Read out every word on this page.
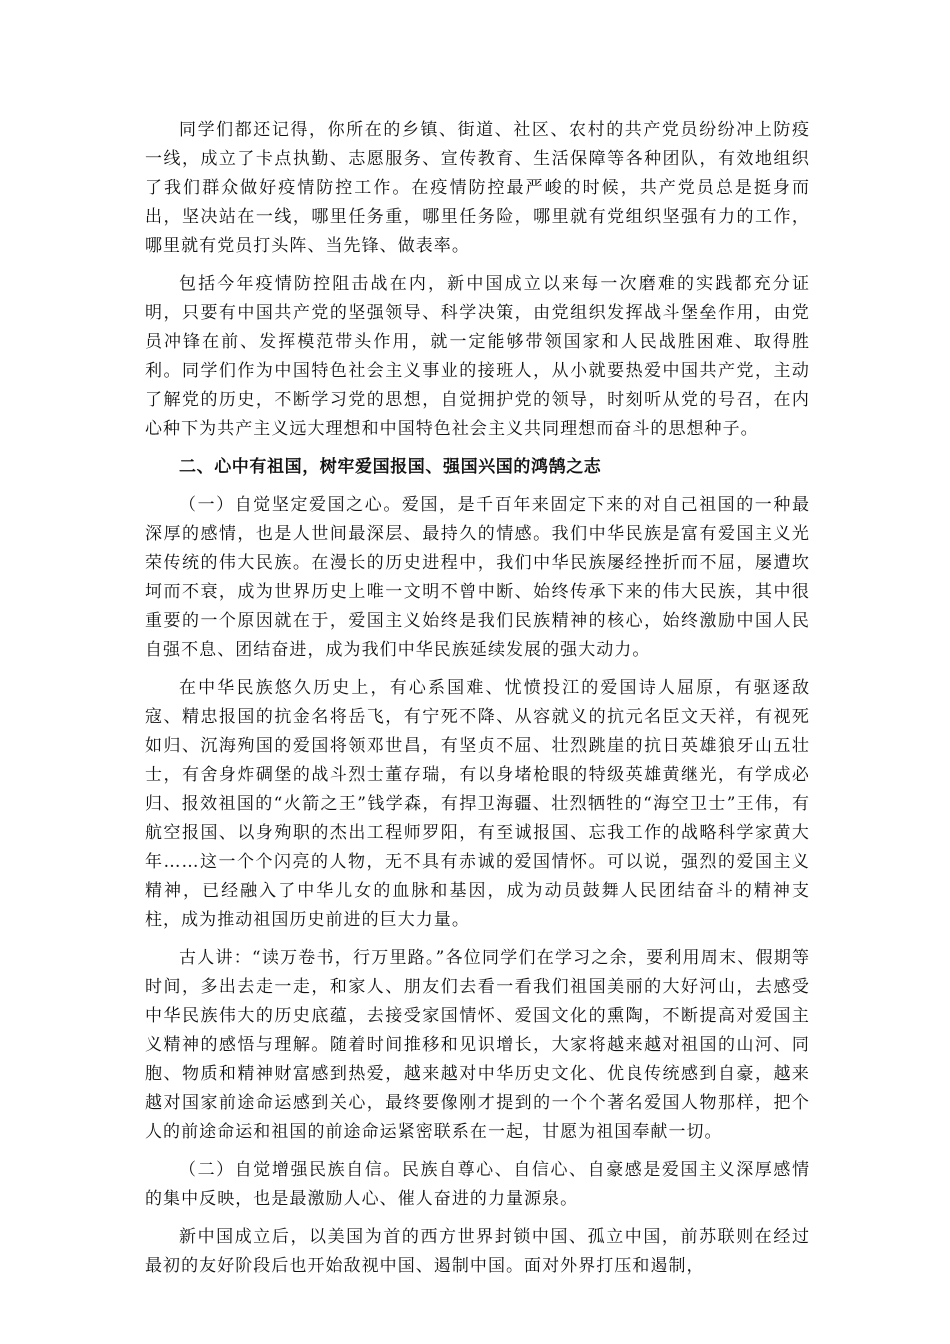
同学们都还记得，你所在的乡镇、街道、社区、农村的共产党员纷纷冲上防疫一线，成立了卡点执勤、志愿服务、宣传教育、生活保障等各种团队，有效地组织了我们群众做好疫情防控工作。在疫情防控最严峻的时候，共产党员总是挺身而出，坚决站在一线，哪里任务重，哪里任务险，哪里就有党组织坚强有力的工作，哪里就有党员打头阵、当先锋、做表率。

包括今年疫情防控阻击战在内，新中国成立以来每一次磨难的实践都充分证明，只要有中国共产党的坚强领导、科学决策，由党组织发挥战斗堡垒作用，由党员冲锋在前、发挥模范带头作用，就一定能够带领国家和人民战胜困难、取得胜利。同学们作为中国特色社会主义事业的接班人，从小就要热爱中国共产党，主动了解党的历史，不断学习党的思想，自觉拥护党的领导，时刻听从党的号召，在内心种下为共产主义远大理想和中国特色社会主义共同理想而奋斗的思想种子。

二、心中有祖国，树牢爱国报国、强国兴国的鸿鹄之志

（一）自觉坚定爱国之心。爱国，是千百年来固定下来的对自己祖国的一种最深厚的感情，也是人世间最深层、最持久的情感。我们中华民族是富有爱国主义光荣传统的伟大民族。在漫长的历史进程中，我们中华民族屡经挫折而不屈，屡遭坎坷而不衰，成为世界历史上唯一文明不曾中断、始终传承下来的伟大民族，其中很重要的一个原因就在于，爱国主义始终是我们民族精神的核心，始终激励中国人民自强不息、团结奋进，成为我们中华民族延续发展的强大动力。

在中华民族悠久历史上，有心系国难、忧愤投江的爱国诗人屈原，有驱逐敌寇、精忠报国的抗金名将岳飞，有宁死不降、从容就义的抗元名臣文天祥，有视死如归、沉海殉国的爱国将领邓世昌，有坚贞不屈、壮烈跳崖的抗日英雄狼牙山五壮士，有舍身炸碉堡的战斗烈士董存瑞，有以身堵枪眼的特级英雄黄继光，有学成必归、报效祖国的“火箭之王”钱学森，有捍卫海疆、壮烈牺牲的“海空卫士”王伟，有航空报国、以身殉职的杰出工程师罗阳，有至诚报国、忘我工作的战略科学家黄大年……这一个个闪亮的人物，无不具有赤诚的爱国情怀。可以说，强烈的爱国主义精神，已经融入了中华儿女的血脉和基因，成为动员鼓舞人民团结奋斗的精神支柱，成为推动祖国历史前进的巨大力量。

古人讲：“读万卷书，行万里路。”各位同学们在学习之余，要利用周末、假期等时间，多出去走一走，和家人、朋友们去看一看我们祖国美丽的大好河山，去感受中华民族伟大的历史底蕴，去接受家国情怀、爱国文化的熏陶，不断提高对爱国主义精神的感悟与理解。随着时间推移和见识增长，大家将越来越对祖国的山河、同胞、物质和精神财富感到热爱，越来越对中华历史文化、优良传统感到自豪，越来越对国家前途命运感到关心，最终要像刚才提到的一个个著名爱国人物那样，把个人的前途命运和祖国的前途命运紧密联系在一起，甘愿为祖国奉献一切。

（二）自觉增强民族自信。民族自尊心、自信心、自豪感是爱国主义深厚感情的集中反映，也是最激励人心、催人奋进的力量源泉。

新中国成立后，以美国为首的西方世界封锁中国、孤立中国，前苏联则在经过最初的友好阶段后也开始敌视中国、遏制中国。面对外界打压和遏制，
